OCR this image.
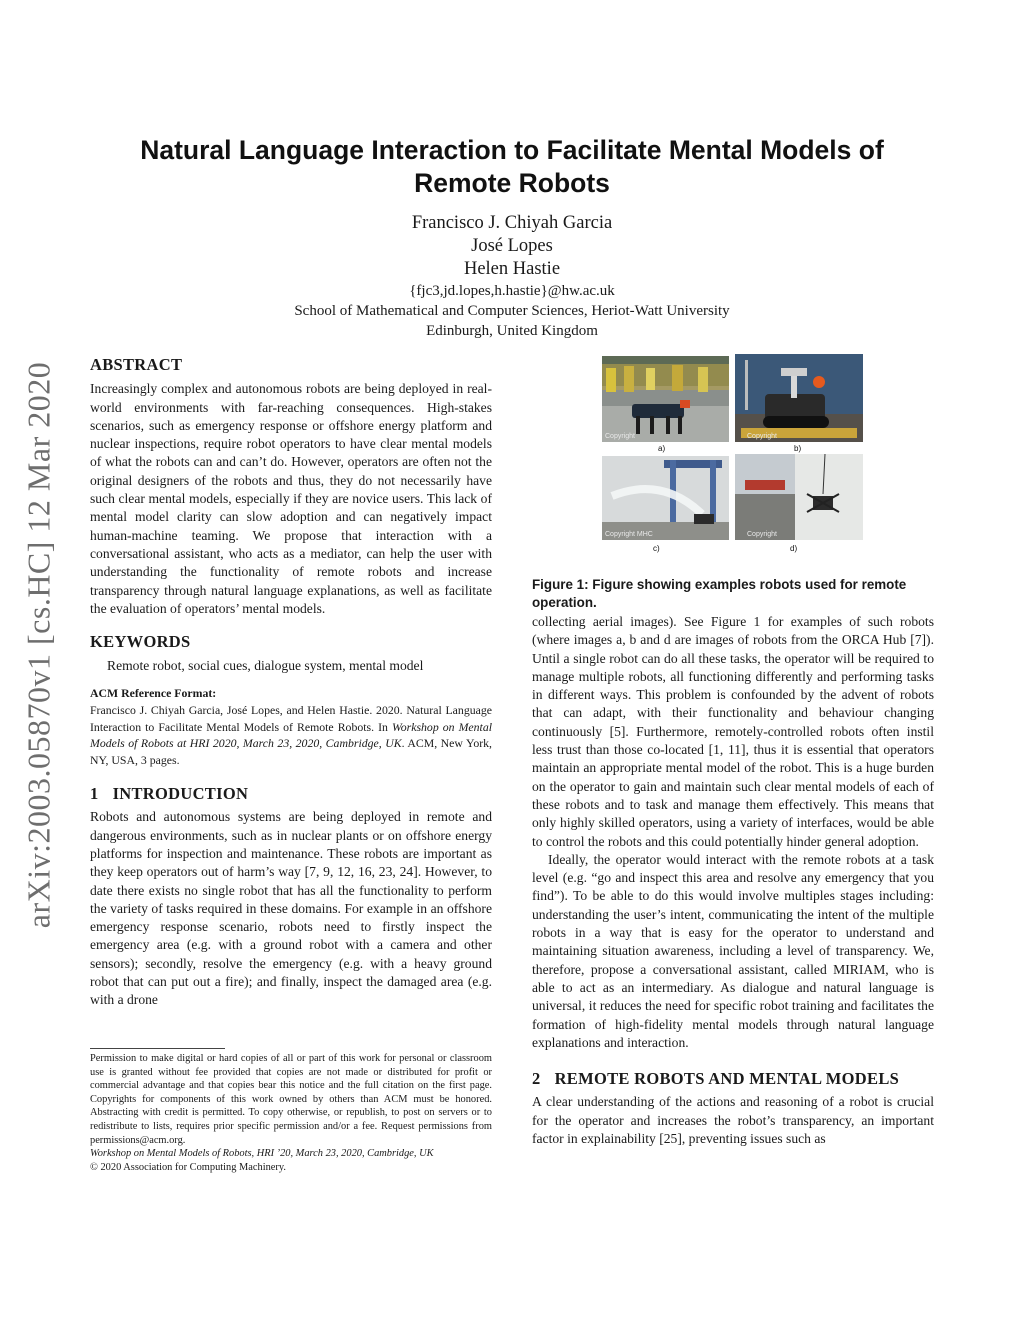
arXiv:2003.05870v1 [cs.HC] 12 Mar 2020
Natural Language Interaction to Facilitate Mental Models of Remote Robots
Francisco J. Chiyah Garcia
José Lopes
Helen Hastie
{fjc3,jd.lopes,h.hastie}@hw.ac.uk
School of Mathematical and Computer Sciences, Heriot-Watt University
Edinburgh, United Kingdom
ABSTRACT

Increasingly complex and autonomous robots are being deployed in real-world environments with far-reaching consequences. High-stakes scenarios, such as emergency response or offshore energy platform and nuclear inspections, require robot operators to have clear mental models of what the robots can and can’t do. However, operators are often not the original designers of the robots and thus, they do not necessarily have such clear mental models, especially if they are novice users. This lack of mental model clarity can slow adoption and can negatively impact human-machine teaming. We propose that interaction with a conversational assistant, who acts as a mediator, can help the user with understanding the functionality of remote robots and increase transparency through natural language explanations, as well as facilitate the evaluation of operators’ mental models.

KEYWORDS

Remote robot, social cues, dialogue system, mental model

ACM Reference Format:

Francisco J. Chiyah Garcia, José Lopes, and Helen Hastie. 2020. Natural Language Interaction to Facilitate Mental Models of Remote Robots. In Workshop on Mental Models of Robots at HRI 2020, March 23, 2020, Cambridge, UK. ACM, New York, NY, USA, 3 pages.

1 INTRODUCTION

Robots and autonomous systems are being deployed in remote and dangerous environments, such as in nuclear plants or on offshore energy platforms for inspection and maintenance. These robots are important as they keep operators out of harm’s way [7, 9, 12, 16, 23, 24]. However, to date there exists no single robot that has all the functionality to perform the variety of tasks required in these domains. For example in an offshore emergency response scenario, robots need to firstly inspect the emergency area (e.g. with a ground robot with a camera and other sensors); secondly, resolve the emergency (e.g. with a heavy ground robot that can put out a fire); and finally, inspect the damaged area (e.g. with a drone

Permission to make digital or hard copies of all or part of this work for personal or classroom use is granted without fee provided that copies are not made or distributed for profit or commercial advantage and that copies bear this notice and the full citation on the first page. Copyrights for components of this work owned by others than ACM must be honored. Abstracting with credit is permitted. To copy otherwise, or republish, to post on servers or to redistribute to lists, requires prior specific permission and/or a fee. Request permissions from permissions@acm.org.

Workshop on Mental Models of Robots, HRI ’20, March 23, 2020, Cambridge, UK

© 2020 Association for Computing Machinery.

Copyright
a)
Copyright
b)
Copyright MHC
c)
Copyright
d)
Figure 1: Figure showing examples robots used for remote operation.

collecting aerial images). See Figure 1 for examples of such robots (where images a, b and d are images of robots from the ORCA Hub [7]). Until a single robot can do all these tasks, the operator will be required to manage multiple robots, all functioning differently and performing tasks in different ways. This problem is confounded by the advent of robots that can adapt, with their functionality and behaviour changing continuously [5]. Furthermore, remotely-controlled robots often instil less trust than those co-located [1, 11], thus it is essential that operators maintain an appropriate mental model of the robot. This is a huge burden on the operator to gain and maintain such clear mental models of each of these robots and to task and manage them effectively. This means that only highly skilled operators, using a variety of interfaces, would be able to control the robots and this could potentially hinder general adoption.

Ideally, the operator would interact with the remote robots at a task level (e.g. “go and inspect this area and resolve any emergency that you find”). To be able to do this would involve multiples stages including: understanding the user’s intent, communicating the intent of the multiple robots in a way that is easy for the operator to understand and maintaining situation awareness, including a level of transparency. We, therefore, propose a conversational assistant, called MIRIAM, who is able to act as an intermediary. As dialogue and natural language is universal, it reduces the need for specific robot training and facilitates the formation of high-fidelity mental models through natural language explanations and interaction.

2 REMOTE ROBOTS AND MENTAL MODELS

A clear understanding of the actions and reasoning of a robot is crucial for the operator and increases the robot’s transparency, an important factor in explainability [25], preventing issues such as
